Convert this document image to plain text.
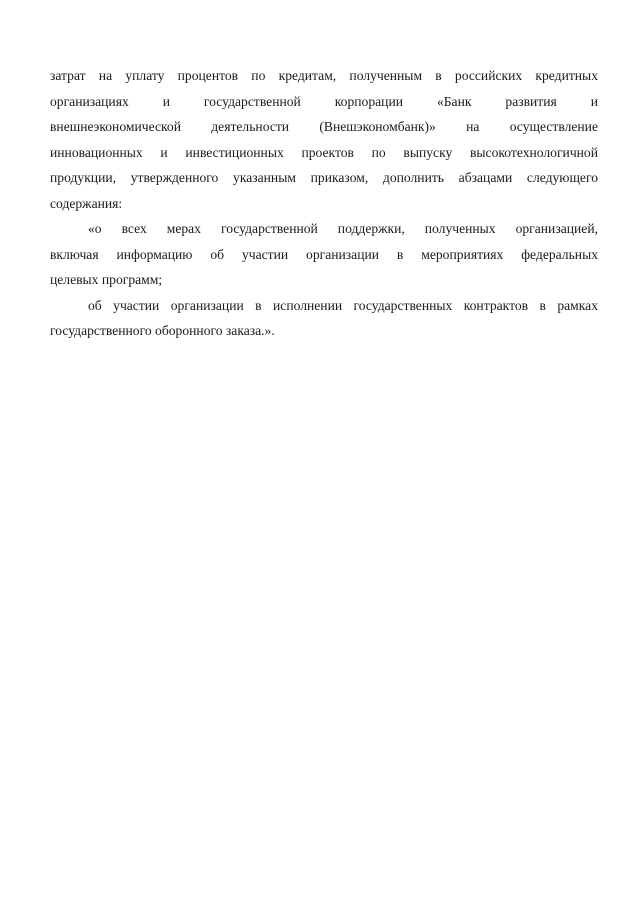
затрат на уплату процентов по кредитам, полученным в российских кредитных
организациях и государственной корпорации «Банк развития и
внешнеэкономической деятельности (Внешэкономбанк)» на осуществление
инновационных и инвестиционных проектов по выпуску высокотехнологичной
продукции, утвержденного указанным приказом, дополнить абзацами следующего
содержания:
«о всех мерах государственной поддержки, полученных организацией,
включая информацию об участии организации в мероприятиях федеральных
целевых программ;
об участии организации в исполнении государственных контрактов в рамках
государственного оборонного заказа.».
